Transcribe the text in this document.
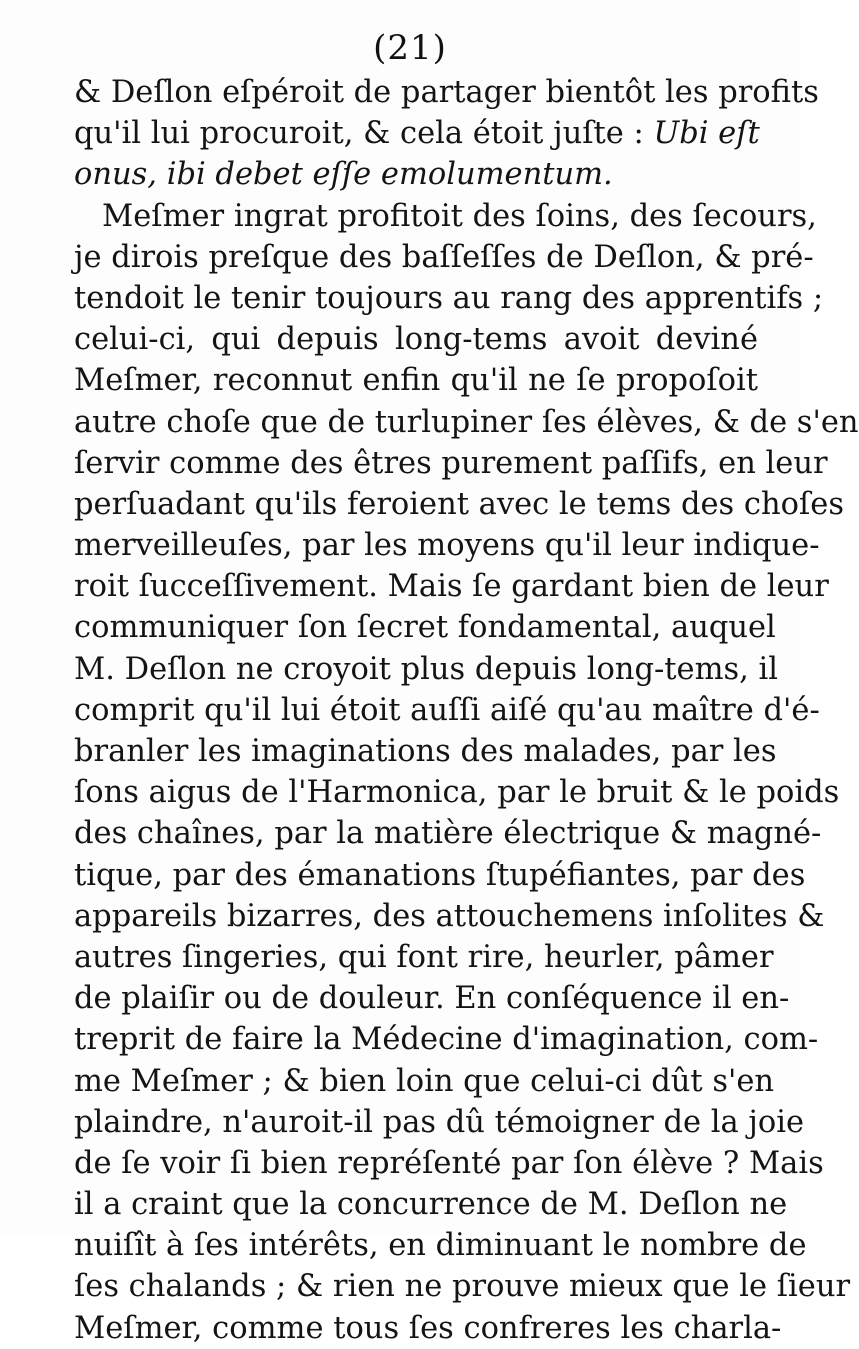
(21)
& Deſlon eſpéroit de partager bientôt les profits
qu'il lui procuroit, & cela étoit juſte : Ubi eſt
onus, ibi debet eſſe emolumentum.
Meſmer ingrat profitoit des ſoins, des ſecours,
je dirois preſque des baſſeſſes de Deſlon, & pré-
tendoit le tenir toujours au rang des apprentifs ;
celui-ci, qui depuis long-tems avoit deviné
Meſmer, reconnut enfin qu'il ne ſe propoſoit
autre choſe que de turlupiner ſes élèves, & de s'en
ſervir comme des êtres purement paſſifs, en leur
perſuadant qu'ils feroient avec le tems des choſes
merveilleuſes, par les moyens qu'il leur indique-
roit ſucceſſivement. Mais ſe gardant bien de leur
communiquer ſon ſecret fondamental, auquel
M. Deſlon ne croyoit plus depuis long-tems, il
comprit qu'il lui étoit auſſi aiſé qu'au maître d'é-
branler les imaginations des malades, par les
ſons aigus de l'Harmonica, par le bruit & le poids
des chaînes, par la matière électrique & magné-
tique, par des émanations ſtupéfiantes, par des
appareils bizarres, des attouchemens inſolites &
autres ſingeries, qui font rire, heurler, pâmer
de plaiſir ou de douleur. En conſéquence il en-
treprit de faire la Médecine d'imagination, com-
me Meſmer ; & bien loin que celui-ci dût s'en
plaindre, n'auroit-il pas dû témoigner de la joie
de ſe voir ſi bien repréſenté par ſon élève ? Mais
il a craint que la concurrence de M. Deſlon ne
nuiſît à ſes intérêts, en diminuant le nombre de
ſes chalands ; & rien ne prouve mieux que le ſieur
Meſmer, comme tous ſes confreres les charla-
